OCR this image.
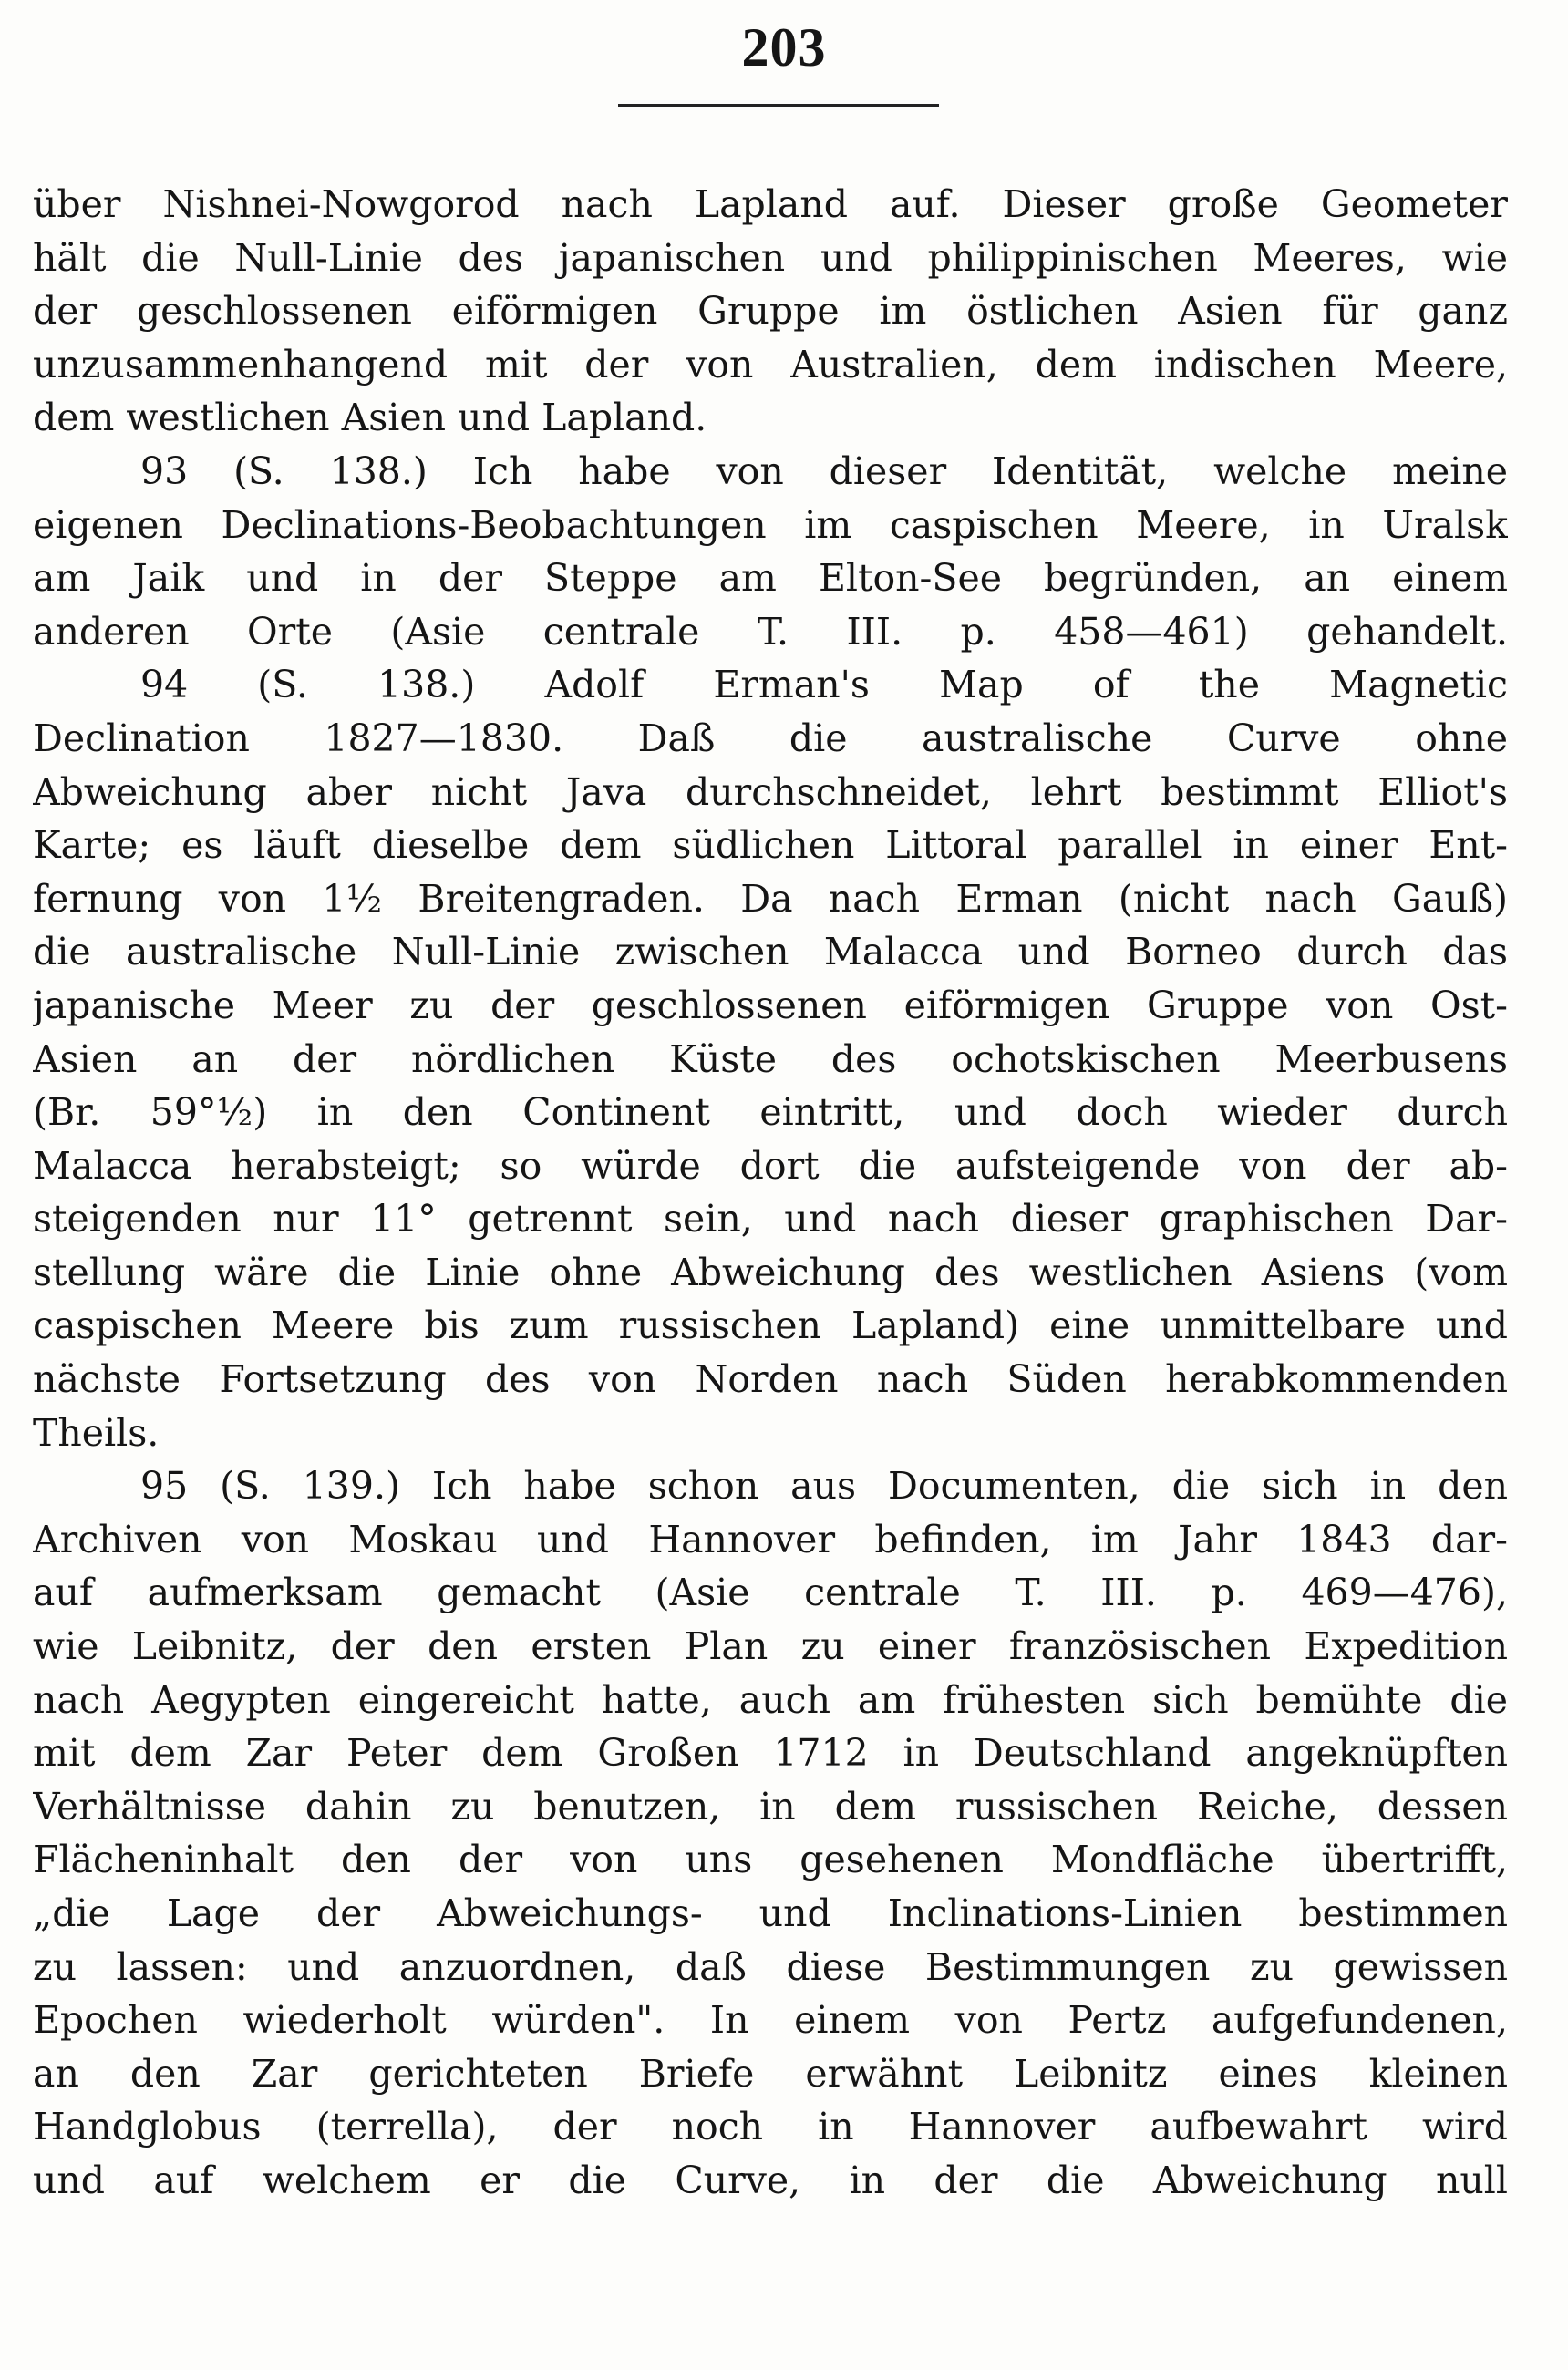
203
über Nishnei-Nowgorod nach Lapland auf. Dieser große Geometer
hält die Null-Linie des japanischen und philippinischen Meeres, wie
der geschlossenen eiförmigen Gruppe im östlichen Asien für ganz
unzusammenhangend mit der von Australien, dem indischen Meere,
dem westlichen Asien und Lapland.
93 (S. 138.) Ich habe von dieser Identität, welche meine
eigenen Declinations-Beobachtungen im caspischen Meere, in Uralsk
am Jaik und in der Steppe am Elton-See begründen, an einem
anderen Orte (Asie centrale T. III. p. 458—461) gehandelt.
94 (S. 138.) Adolf Erman's Map of the Magnetic
Declination 1827—1830. Daß die australische Curve ohne
Abweichung aber nicht Java durchschneidet, lehrt bestimmt Elliot's
Karte; es läuft dieselbe dem südlichen Littoral parallel in einer Ent-
fernung von 1½ Breitengraden. Da nach Erman (nicht nach Gauß)
die australische Null-Linie zwischen Malacca und Borneo durch das
japanische Meer zu der geschlossenen eiförmigen Gruppe von Ost-
Asien an der nördlichen Küste des ochotskischen Meerbusens
(Br. 59°½) in den Continent eintritt, und doch wieder durch
Malacca herabsteigt; so würde dort die aufsteigende von der ab-
steigenden nur 11° getrennt sein, und nach dieser graphischen Dar-
stellung wäre die Linie ohne Abweichung des westlichen Asiens (vom
caspischen Meere bis zum russischen Lapland) eine unmittelbare und
nächste Fortsetzung des von Norden nach Süden herabkommenden
Theils.
95 (S. 139.) Ich habe schon aus Documenten, die sich in den
Archiven von Moskau und Hannover befinden, im Jahr 1843 dar-
auf aufmerksam gemacht (Asie centrale T. III. p. 469—476),
wie Leibnitz, der den ersten Plan zu einer französischen Expedition
nach Aegypten eingereicht hatte, auch am frühesten sich bemühte die
mit dem Zar Peter dem Großen 1712 in Deutschland angeknüpften
Verhältnisse dahin zu benutzen, in dem russischen Reiche, dessen
Flächeninhalt den der von uns gesehenen Mondfläche übertrifft,
„die Lage der Abweichungs- und Inclinations-Linien bestimmen
zu lassen: und anzuordnen, daß diese Bestimmungen zu gewissen
Epochen wiederholt würden". In einem von Pertz aufgefundenen,
an den Zar gerichteten Briefe erwähnt Leibnitz eines kleinen
Handglobus (terrella), der noch in Hannover aufbewahrt wird
und auf welchem er die Curve, in der die Abweichung null
